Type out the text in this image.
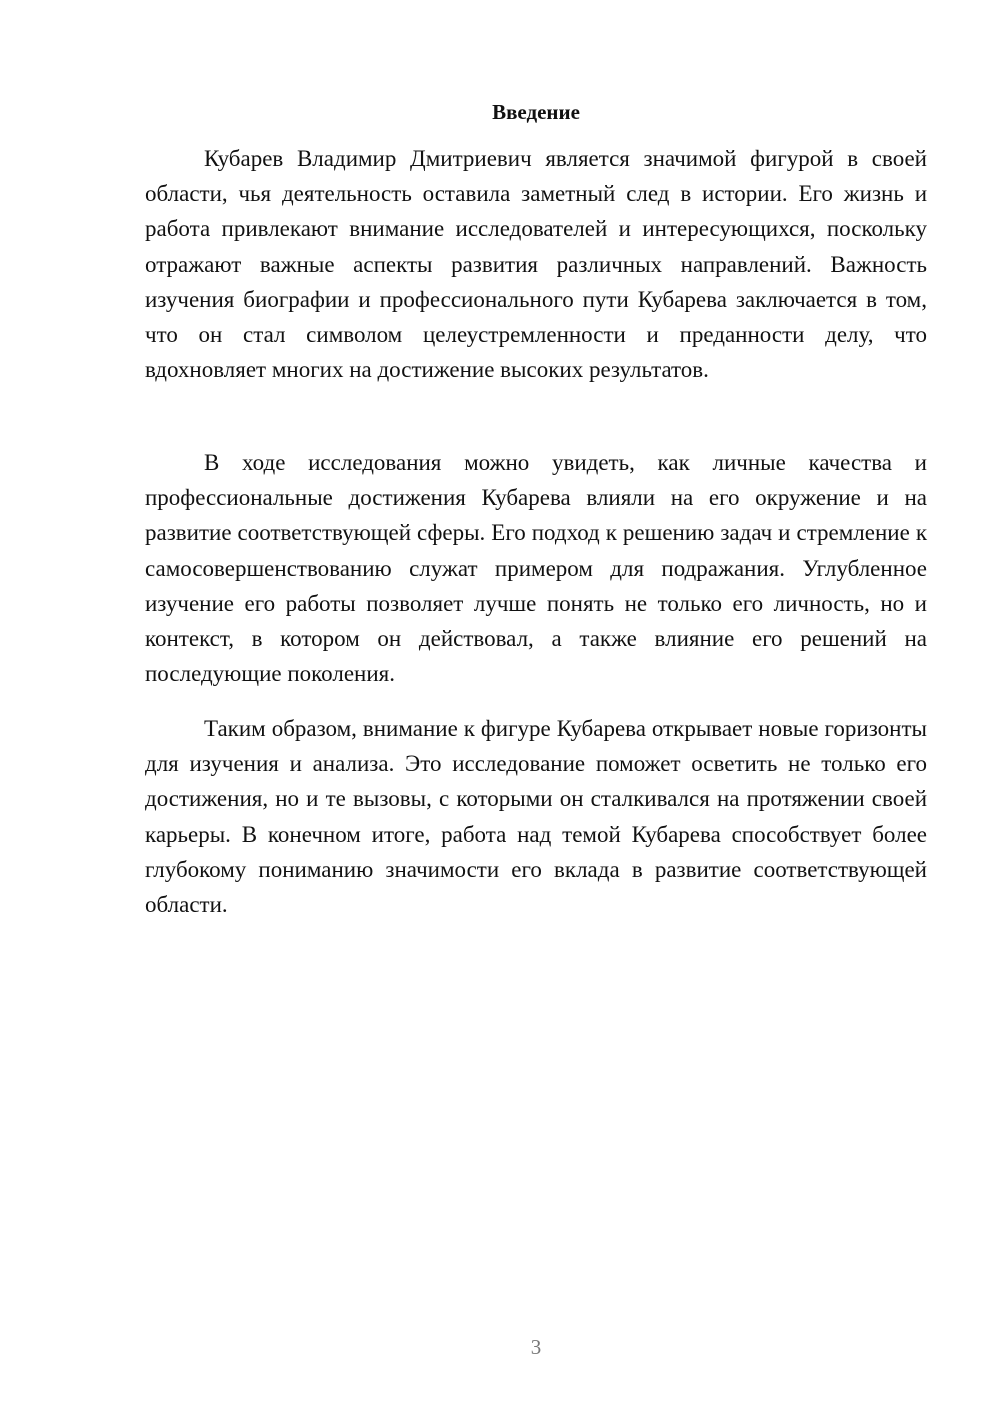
Введение

Кубарев Владимир Дмитриевич является значимой фигурой в своей области, чья деятельность оставила заметный след в истории. Его жизнь и работа привлекают внимание исследователей и интересующихся, поскольку отражают важные аспекты развития различных направлений. Важность изучения биографии и профессионального пути Кубарева заключается в том, что он стал символом целеустремленности и преданности делу, что вдохновляет многих на достижение высоких результатов.

В ходе исследования можно увидеть, как личные качества и профессиональные достижения Кубарева влияли на его окружение и на развитие соответствующей сферы. Его подход к решению задач и стремление к самосовершенствованию служат примером для подражания. Углубленное изучение его работы позволяет лучше понять не только его личность, но и контекст, в котором он действовал, а также влияние его решений на последующие поколения.

Таким образом, внимание к фигуре Кубарева открывает новые горизонты для изучения и анализа. Это исследование поможет осветить не только его достижения, но и те вызовы, с которыми он сталкивался на протяжении своей карьеры. В конечном итоге, работа над темой Кубарева способствует более глубокому пониманию значимости его вклада в развитие соответствующей области.

3
